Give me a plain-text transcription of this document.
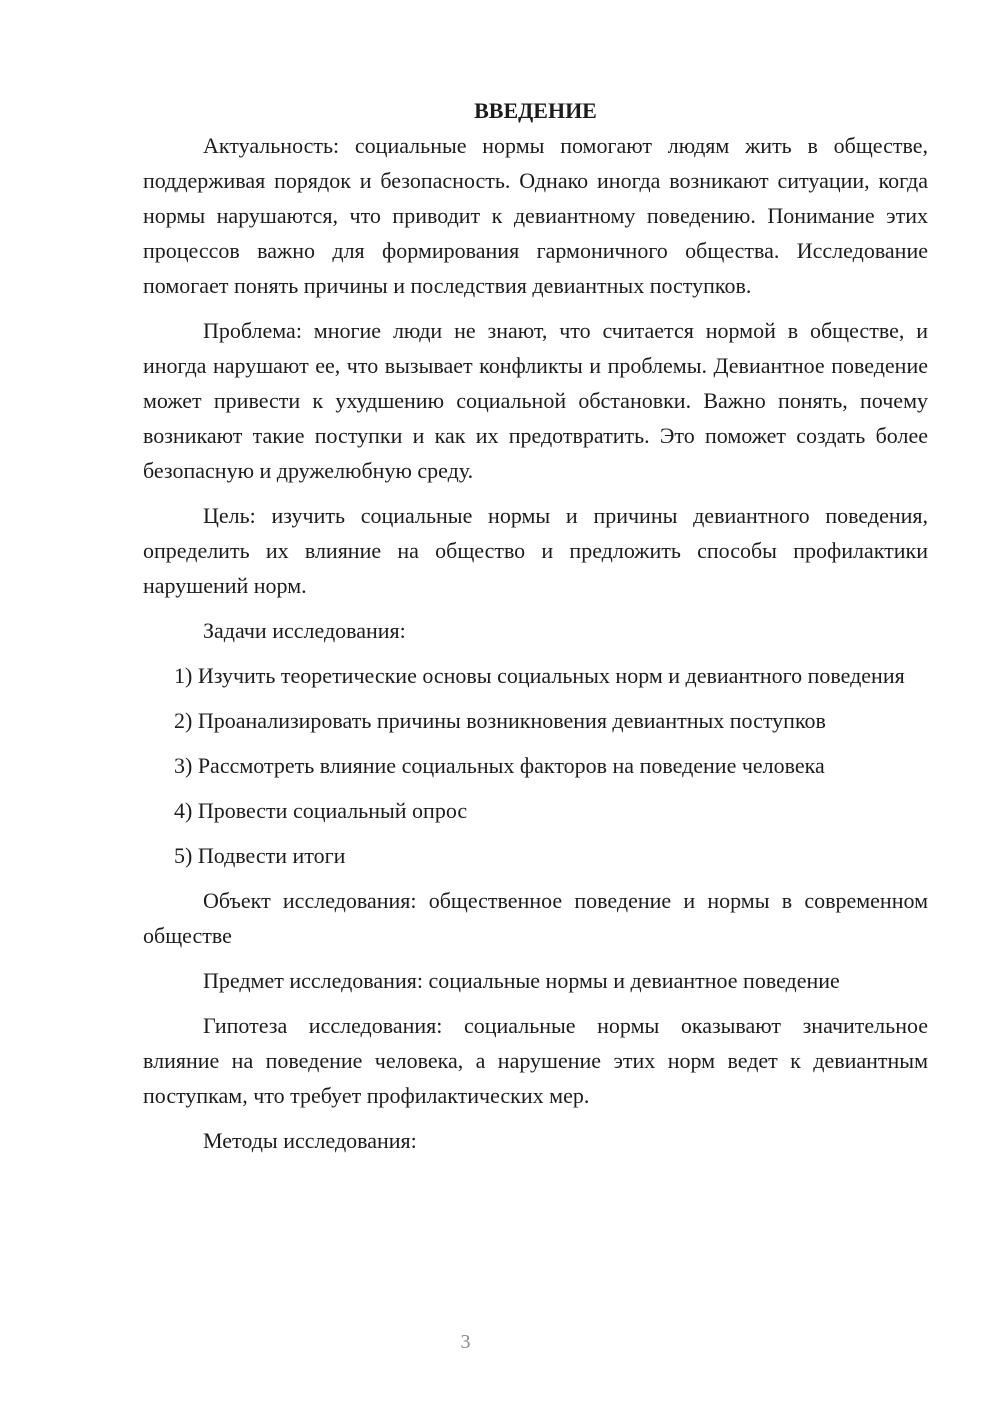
ВВЕДЕНИЕ

Актуальность: социальные нормы помогают людям жить в обществе, поддерживая порядок и безопасность. Однако иногда возникают ситуации, когда нормы нарушаются, что приводит к девиантному поведению. Понимание этих процессов важно для формирования гармоничного общества. Исследование помогает понять причины и последствия девиантных поступков.

Проблема: многие люди не знают, что считается нормой в обществе, и иногда нарушают ее, что вызывает конфликты и проблемы. Девиантное поведение может привести к ухудшению социальной обстановки. Важно понять, почему возникают такие поступки и как их предотвратить. Это поможет создать более безопасную и дружелюбную среду.

Цель: изучить социальные нормы и причины девиантного поведения, определить их влияние на общество и предложить способы профилактики нарушений норм.

Задачи исследования:

1) Изучить теоретические основы социальных норм и девиантного поведения

2) Проанализировать причины возникновения девиантных поступков

3) Рассмотреть влияние социальных факторов на поведение человека

4) Провести социальный опрос

5) Подвести итоги

Объект исследования: общественное поведение и нормы в современном обществе

Предмет исследования: социальные нормы и девиантное поведение

Гипотеза исследования: социальные нормы оказывают значительное влияние на поведение человека, а нарушение этих норм ведет к девиантным поступкам, что требует профилактических мер.

Методы исследования:

3
